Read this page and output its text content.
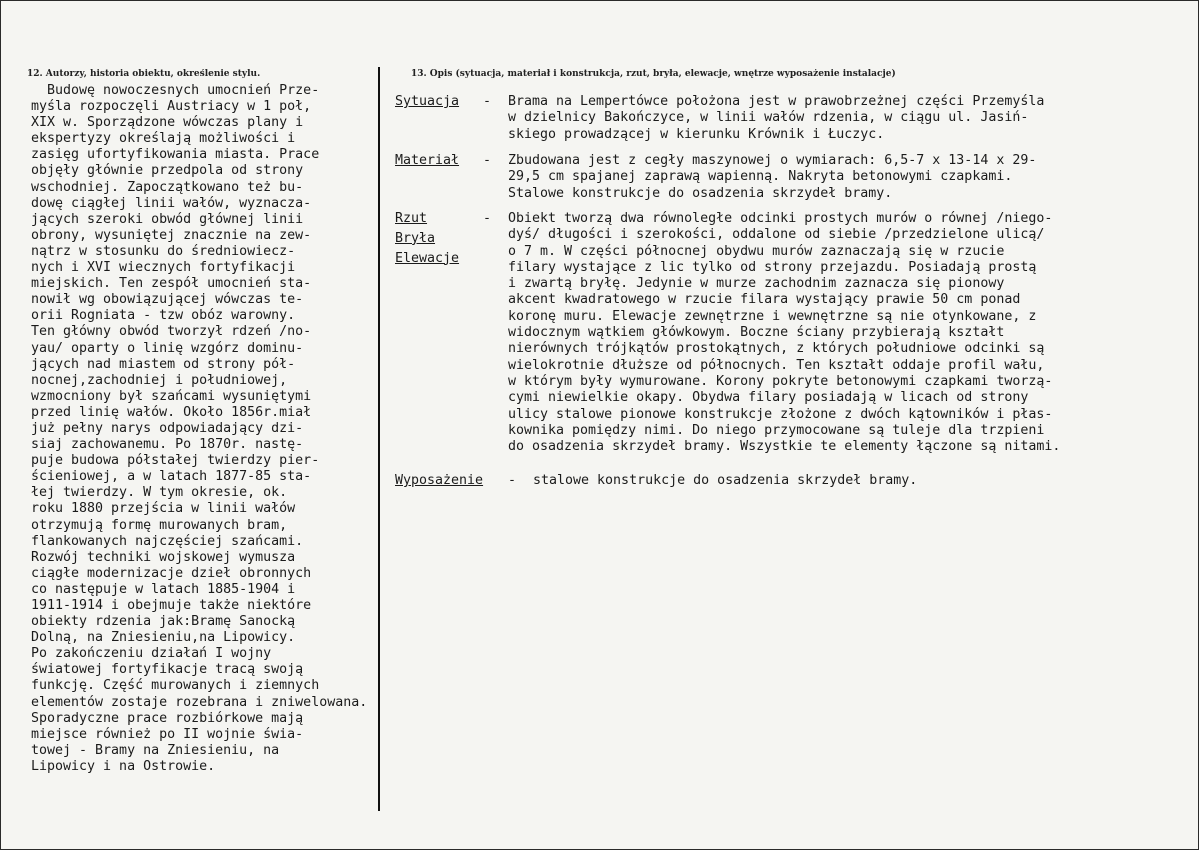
12. Autorzy, historia obiektu, określenie stylu.	13. Opis (sytuacja, materiał i konstrukcja, rzut, bryła, elewacje, wnętrze wyposażenie instalacje)
Budowę nowoczesnych umocnień Prze-
myśla rozpoczęli Austriacy w 1 poł,
XIX w. Sporządzone wówczas plany i
ekspertyzy określają możliwości i
zasięg ufortyfikowania miasta. Prace
objęły głównie przedpola od strony
wschodniej. Zapoczątkowano też bu-
dowę ciągłej linii wałów, wyznacza-
jących szeroki obwód głównej linii
obrony, wysuniętej znacznie na zew-
nątrz w stosunku do średniowiecz-
nych i XVI wiecznych fortyfikacji
miejskich. Ten zespół umocnień sta-
nowił wg obowiązującej wówczas te-
orii Rogniata - tzw obóz warowny.
Ten główny obwód tworzył rdzeń /no-
yau/ oparty o linię wzgórz dominu-
jących nad miastem od strony pół-
nocnej,zachodniej i południowej,
wzmocniony był szańcami wysuniętymi
przed linię wałów. Około 1856r.miał
już pełny narys odpowiadający dzi-
siaj zachowanemu. Po 1870r. nastę-
puje budowa półstałej twierdzy pier-
ścieniowej, a w latach 1877-85 sta-
łej twierdzy. W tym okresie, ok.
roku 1880 przejścia w linii wałów
otrzymują formę murowanych bram,
flankowanych najczęściej szańcami.
Rozwój techniki wojskowej wymusza
ciągłe modernizacje dzieł obronnych
co następuje w latach 1885-1904 i
1911-1914 i obejmuje także niektóre
obiekty rdzenia jak:Bramę Sanocką
Dolną, na Zniesieniu,na Lipowicy.
Po zakończeniu działań I wojny
światowej fortyfikacje tracą swoją
funkcję. Część murowanych i ziemnych
elementów zostaje rozebrana i zniwelowana.
Sporadyczne prace rozbiórkowe mają
miejsce również po II wojnie świa-
towej - Bramy na Zniesieniu, na
Lipowicy i na Ostrowie.
Sytuacja - Brama na Lempertówce położona jest w prawobrzeżnej części Przemyśla
w dzielnicy Bakończyce, w linii wałów rdzenia, w ciągu ul. Jasiń-
skiego prowadzącej w kierunku Krównik i Łuczyc.
Materiał - Zbudowana jest z cegły maszynowej o wymiarach: 6,5-7 x 13-14 x 29-
29,5 cm spajanej zaprawą wapienną. Nakryta betonowymi czapkami.
Stalowe konstrukcje do osadzenia skrzydeł bramy.
Rzut
Bryła
Elewacje
- Obiekt tworzą dwa równoległe odcinki prostych murów o równej /niego-
dyś/ długości i szerokości, oddalone od siebie /przedzielone ulicą/
o 7 m. W części północnej obydwu murów zaznaczają się w rzucie
filary wystające z lic tylko od strony przejazdu. Posiadają prostą
i zwartą bryłę. Jedynie w murze zachodnim zaznacza się pionowy
akcent kwadratowego w rzucie filara wystający prawie 50 cm ponad
koronę muru. Elewacje zewnętrzne i wewnętrzne są nie otynkowane, z
widocznym wątkiem główkowym. Boczne ściany przybierają kształt
nierównych trójkątów prostokątnych, z których południowe odcinki są
wielokrotnie dłuższe od północnych. Ten kształt oddaje profil wału,
w którym były wymurowane. Korony pokryte betonowymi czapkami tworzą-
cymi niewielkie okapy. Obydwa filary posiadają w licach od strony
ulicy stalowe pionowe konstrukcje złożone z dwóch kątowników i płas-
kownika pomiędzy nimi. Do niego przymocowane są tuleje dla trzpieni
do osadzenia skrzydeł bramy. Wszystkie te elementy łączone są nitami.
Wyposażenie - stalowe konstrukcje do osadzenia skrzydeł bramy.
